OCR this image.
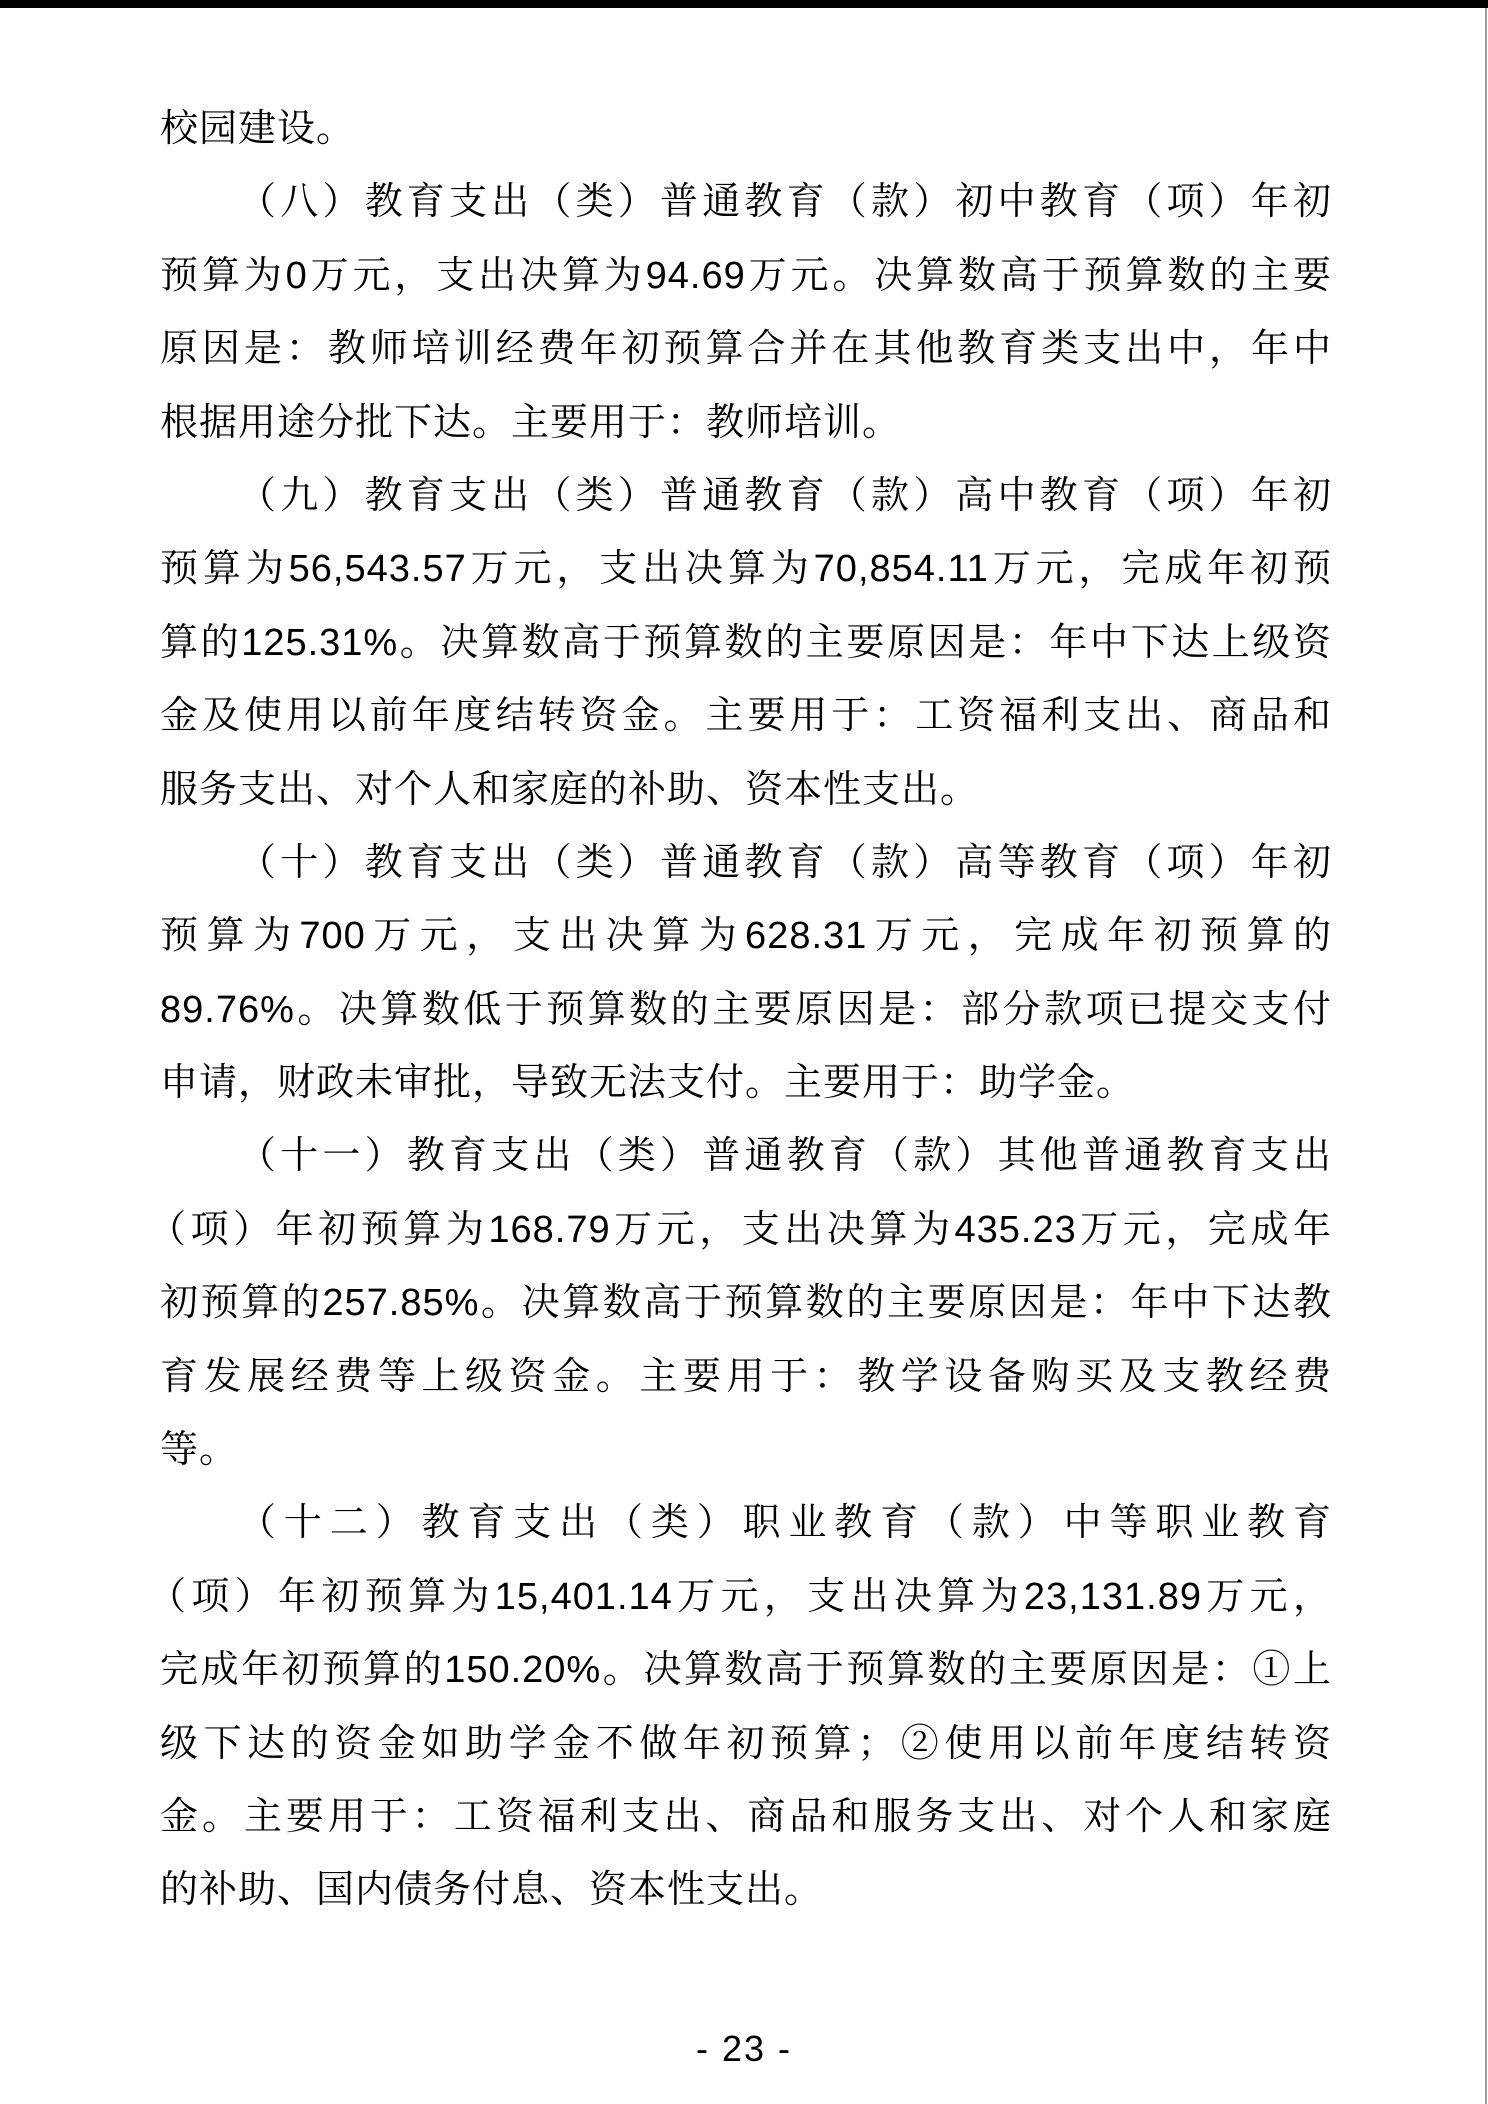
校园建设。
（八）教育支出（类）普通教育（款）初中教育（项）年初
预算为0万元，支出决算为94.69万元。决算数高于预算数的主要
原因是：教师培训经费年初预算合并在其他教育类支出中，年中
根据用途分批下达。主要用于：教师培训。
（九）教育支出（类）普通教育（款）高中教育（项）年初
预算为56,543.57万元，支出决算为70,854.11万元，完成年初预
算的125.31%。决算数高于预算数的主要原因是：年中下达上级资
金及使用以前年度结转资金。主要用于：工资福利支出、商品和
服务支出、对个人和家庭的补助、资本性支出。
（十）教育支出（类）普通教育（款）高等教育（项）年初
预算为700万元，支出决算为628.31万元，完成年初预算的
89.76%。决算数低于预算数的主要原因是：部分款项已提交支付
申请，财政未审批，导致无法支付。主要用于：助学金。
（十一）教育支出（类）普通教育（款）其他普通教育支出
（项）年初预算为168.79万元，支出决算为435.23万元，完成年
初预算的257.85%。决算数高于预算数的主要原因是：年中下达教
育发展经费等上级资金。主要用于：教学设备购买及支教经费
等。
（十二）教育支出（类）职业教育（款）中等职业教育
（项）年初预算为15,401.14万元，支出决算为23,131.89万元，
完成年初预算的150.20%。决算数高于预算数的主要原因是：①上
级下达的资金如助学金不做年初预算；②使用以前年度结转资
金。主要用于：工资福利支出、商品和服务支出、对个人和家庭
的补助、国内债务付息、资本性支出。
- 23 -
